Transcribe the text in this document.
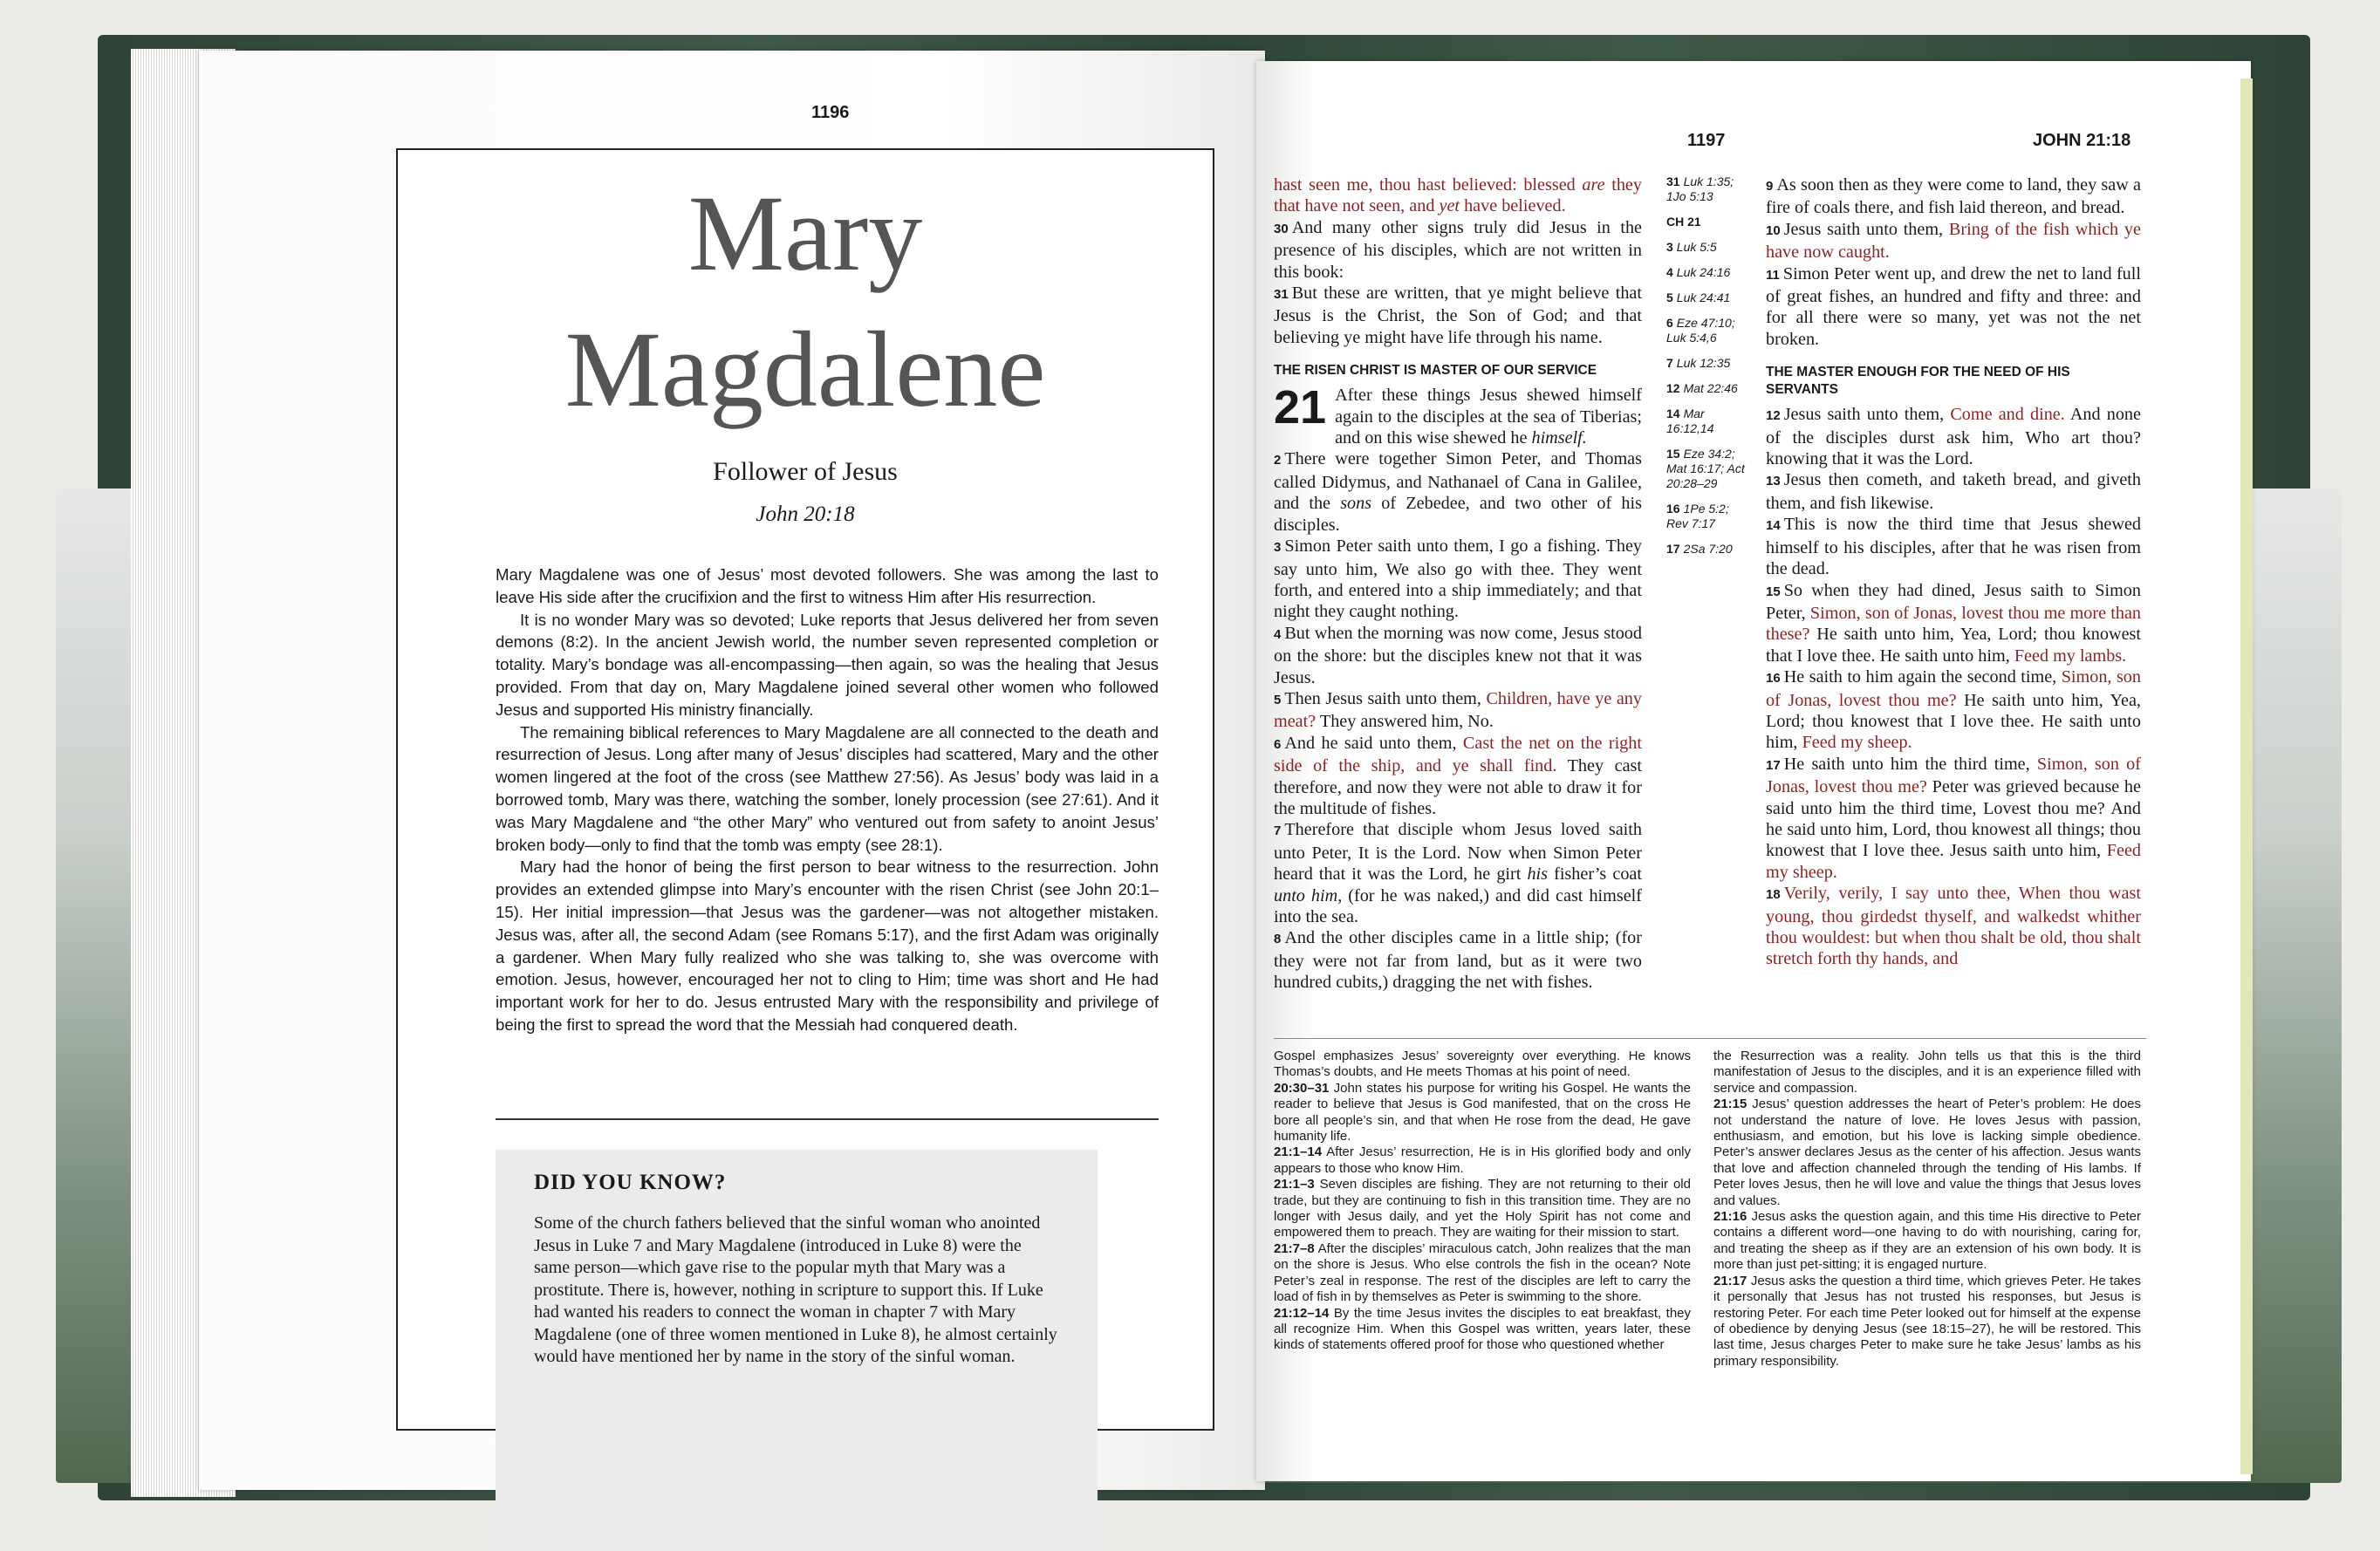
1196
Mary
Magdalene
Follower of Jesus
John 20:18

Mary Magdalene was one of Jesus’ most devoted followers. She was among the last to leave His side after the crucifixion and the first to witness Him after His resurrection.

It is no wonder Mary was so devoted; Luke reports that Jesus delivered her from seven demons (8:2). In the ancient Jewish world, the number seven represented completion or totality. Mary’s bondage was all-encompassing—then again, so was the healing that Jesus provided. From that day on, Mary Magdalene joined several other women who followed Jesus and supported His ministry financially.

The remaining biblical references to Mary Magdalene are all connected to the death and resurrection of Jesus. Long after many of Jesus’ disciples had scattered, Mary and the other women lingered at the foot of the cross (see Matthew 27:56). As Jesus’ body was laid in a borrowed tomb, Mary was there, watching the somber, lonely procession (see 27:61). And it was Mary Magdalene and “the other Mary” who ventured out from safety to anoint Jesus’ broken body—only to find that the tomb was empty (see 28:1).

Mary had the honor of being the first person to bear witness to the resurrection. John provides an extended glimpse into Mary’s encounter with the risen Christ (see John 20:1–15). Her initial impression—that Jesus was the gardener—was not altogether mistaken. Jesus was, after all, the second Adam (see Romans 5:17), and the first Adam was originally a gardener. When Mary fully realized who she was talking to, she was overcome with emotion. Jesus, however, encouraged her not to cling to Him; time was short and He had important work for her to do. Jesus entrusted Mary with the responsibility and privilege of being the first to spread the word that the Messiah had conquered death.

DID YOU KNOW?
Some of the church fathers believed that the sinful woman who anointed Jesus in Luke 7 and Mary Magdalene (introduced in Luke 8) were the same person—which gave rise to the popular myth that Mary was a prostitute. There is, however, nothing in scripture to support this. If Luke had wanted his readers to connect the woman in chapter 7 with Mary Magdalene (one of three women mentioned in Luke 8), he almost certainly would have mentioned her by name in the story of the sinful woman.
1197	JOHN 21:18

hast seen me, thou hast believed: blessed are they that have not seen, and yet have believed.

30 And many other signs truly did Jesus in the presence of his disciples, which are not written in this book:

31 But these are written, that ye might believe that Jesus is the Christ, the Son of God; and that believing ye might have life through his name.

THE RISEN CHRIST IS MASTER OF OUR SERVICE

21 After these things Jesus shewed himself again to the disciples at the sea of Tiberias; and on this wise shewed he himself.

2 There were together Simon Peter, and Thomas called Didymus, and Nathanael of Cana in Galilee, and the sons of Zebedee, and two other of his disciples.

3 Simon Peter saith unto them, I go a fishing. They say unto him, We also go with thee. They went forth, and entered into a ship immediately; and that night they caught nothing.

4 But when the morning was now come, Jesus stood on the shore: but the disciples knew not that it was Jesus.

5 Then Jesus saith unto them, Children, have ye any meat? They answered him, No.

6 And he said unto them, Cast the net on the right side of the ship, and ye shall find. They cast therefore, and now they were not able to draw it for the multitude of fishes.

7 Therefore that disciple whom Jesus loved saith unto Peter, It is the Lord. Now when Simon Peter heard that it was the Lord, he girt his fisher’s coat unto him, (for he was naked,) and did cast himself into the sea.

8 And the other disciples came in a little ship; (for they were not far from land, but as it were two hundred cubits,) dragging the net with fishes.

31 Luk 1:35; 1Jo 5:13
CH 21
3 Luk 5:5
4 Luk 24:16
5 Luk 24:41
6 Eze 47:10; Luk 5:4,6
7 Luk 12:35
12 Mat 22:46
14 Mar 16:12,14
15 Eze 34:2; Mat 16:17; Act 20:28–29
16 1Pe 5:2; Rev 7:17
17 2Sa 7:20

9 As soon then as they were come to land, they saw a fire of coals there, and fish laid thereon, and bread.

10 Jesus saith unto them, Bring of the fish which ye have now caught.

11 Simon Peter went up, and drew the net to land full of great fishes, an hundred and fifty and three: and for all there were so many, yet was not the net broken.

THE MASTER ENOUGH FOR THE NEED OF HIS SERVANTS

12 Jesus saith unto them, Come and dine. And none of the disciples durst ask him, Who art thou? knowing that it was the Lord.

13 Jesus then cometh, and taketh bread, and giveth them, and fish likewise.

14 This is now the third time that Jesus shewed himself to his disciples, after that he was risen from the dead.

15 So when they had dined, Jesus saith to Simon Peter, Simon, son of Jonas, lovest thou me more than these? He saith unto him, Yea, Lord; thou knowest that I love thee. He saith unto him, Feed my lambs.

16 He saith to him again the second time, Simon, son of Jonas, lovest thou me? He saith unto him, Yea, Lord; thou knowest that I love thee. He saith unto him, Feed my sheep.

17 He saith unto him the third time, Simon, son of Jonas, lovest thou me? Peter was grieved because he said unto him the third time, Lovest thou me? And he said unto him, Lord, thou knowest all things; thou knowest that I love thee. Jesus saith unto him, Feed my sheep.

18 Verily, verily, I say unto thee, When thou wast young, thou girdedst thyself, and walkedst whither thou wouldest: but when thou shalt be old, thou shalt stretch forth thy hands, and

Gospel emphasizes Jesus’ sovereignty over everything. He knows Thomas’s doubts, and He meets Thomas at his point of need.

20:30–31 John states his purpose for writing his Gospel. He wants the reader to believe that Jesus is God manifested, that on the cross He bore all people’s sin, and that when He rose from the dead, He gave humanity life.

21:1–14 After Jesus’ resurrection, He is in His glorified body and only appears to those who know Him.

21:1–3 Seven disciples are fishing. They are not returning to their old trade, but they are continuing to fish in this transition time. They are no longer with Jesus daily, and yet the Holy Spirit has not come and empowered them to preach. They are waiting for their mission to start.

21:7–8 After the disciples’ miraculous catch, John realizes that the man on the shore is Jesus. Who else controls the fish in the ocean? Note Peter’s zeal in response. The rest of the disciples are left to carry the load of fish in by themselves as Peter is swimming to the shore.

21:12–14 By the time Jesus invites the disciples to eat breakfast, they all recognize Him. When this Gospel was written, years later, these kinds of statements offered proof for those who questioned whether

the Resurrection was a reality. John tells us that this is the third manifestation of Jesus to the disciples, and it is an experience filled with service and compassion.

21:15 Jesus’ question addresses the heart of Peter’s problem: He does not understand the nature of love. He loves Jesus with passion, enthusiasm, and emotion, but his love is lacking simple obedience. Peter’s answer declares Jesus as the center of his affection. Jesus wants that love and affection channeled through the tending of His lambs. If Peter loves Jesus, then he will love and value the things that Jesus loves and values.

21:16 Jesus asks the question again, and this time His directive to Peter contains a different word—one having to do with nourishing, caring for, and treating the sheep as if they are an extension of his own body. It is more than just pet-sitting; it is engaged nurture.

21:17 Jesus asks the question a third time, which grieves Peter. He takes it personally that Jesus has not trusted his responses, but Jesus is restoring Peter. For each time Peter looked out for himself at the expense of obedience by denying Jesus (see 18:15–27), he will be restored. This last time, Jesus charges Peter to make sure he take Jesus’ lambs as his primary responsibility.
